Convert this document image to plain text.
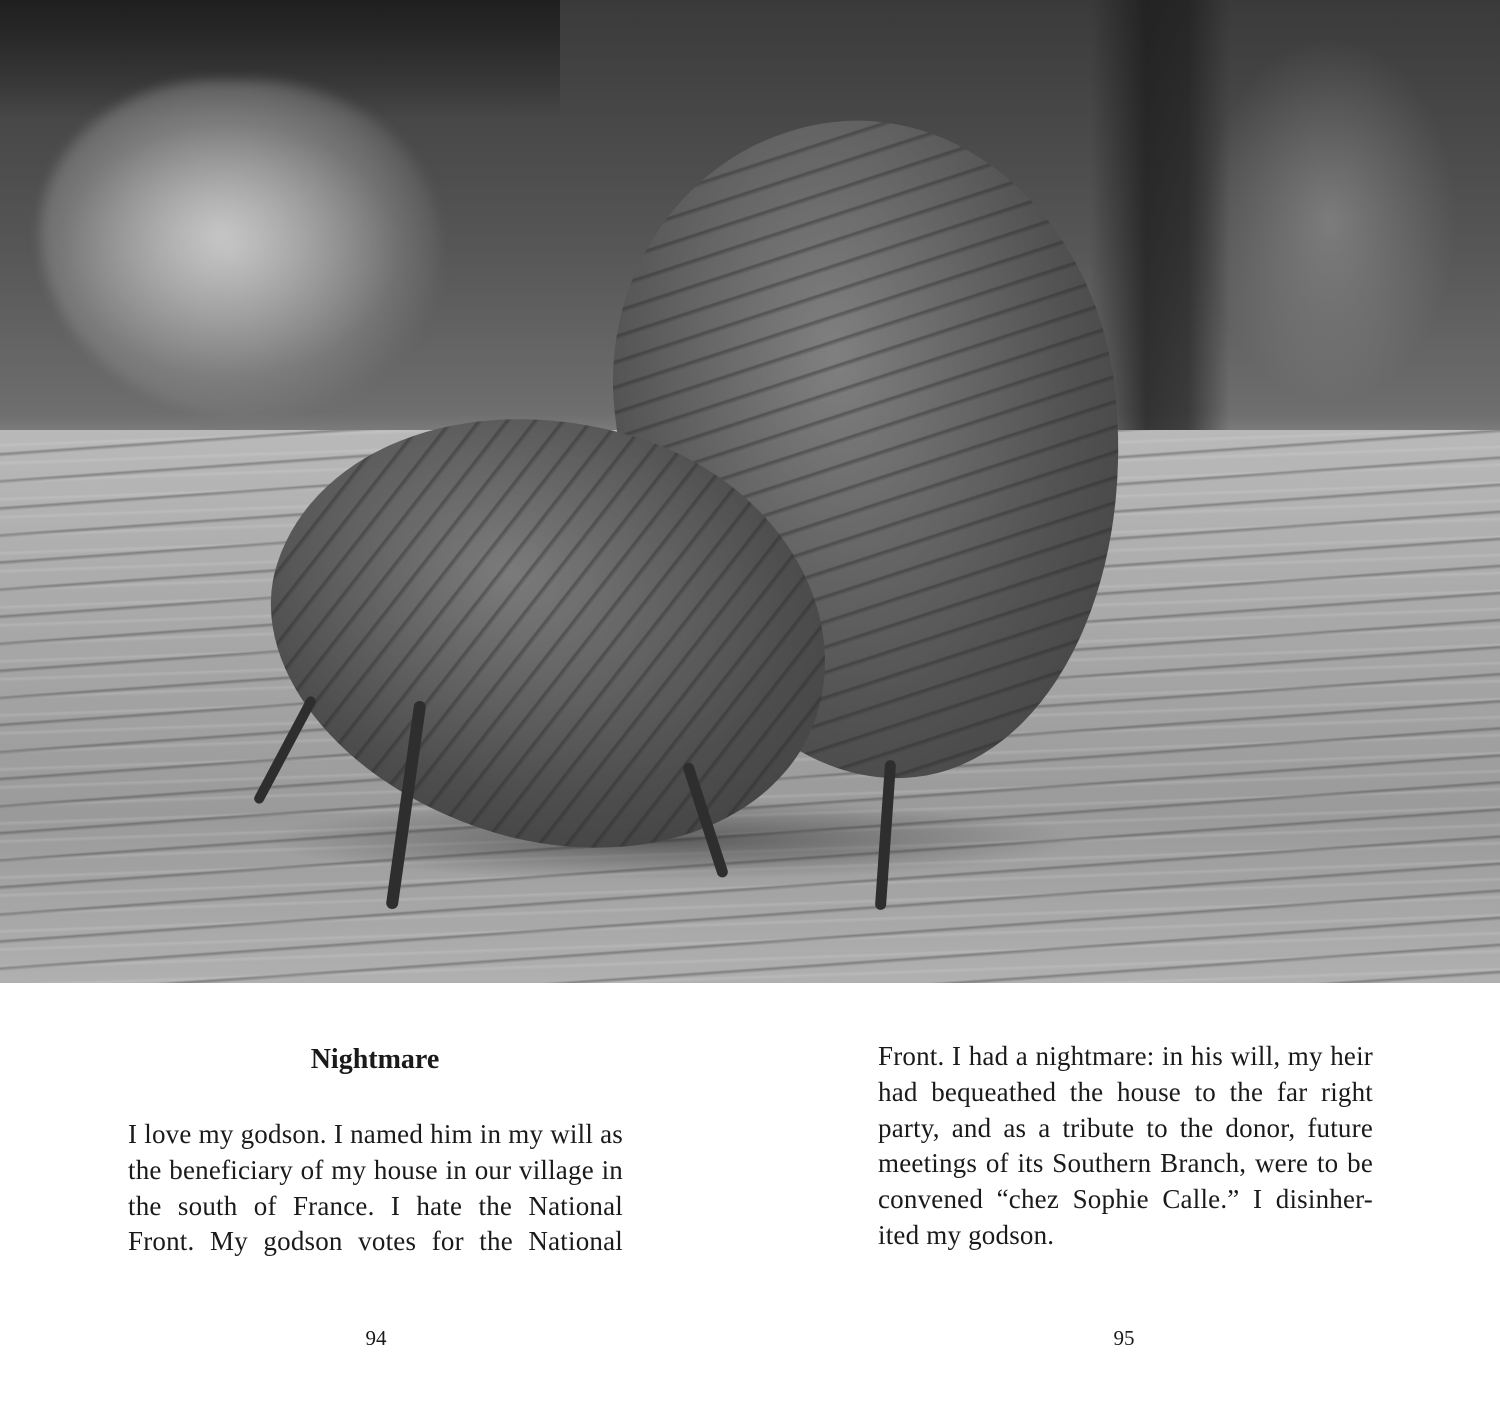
Nightmare

I love my godson. I named him in my will as the beneficiary of my house in our village in the south of France. I hate the National Front. My godson votes for the National

Front. I had a nightmare: in his will, my heir had bequeathed the house to the far right party, and as a tribute to the donor, future meetings of its Southern Branch, were to be convened “chez Sophie Calle.” I disinher-ited my godson.

94	95
